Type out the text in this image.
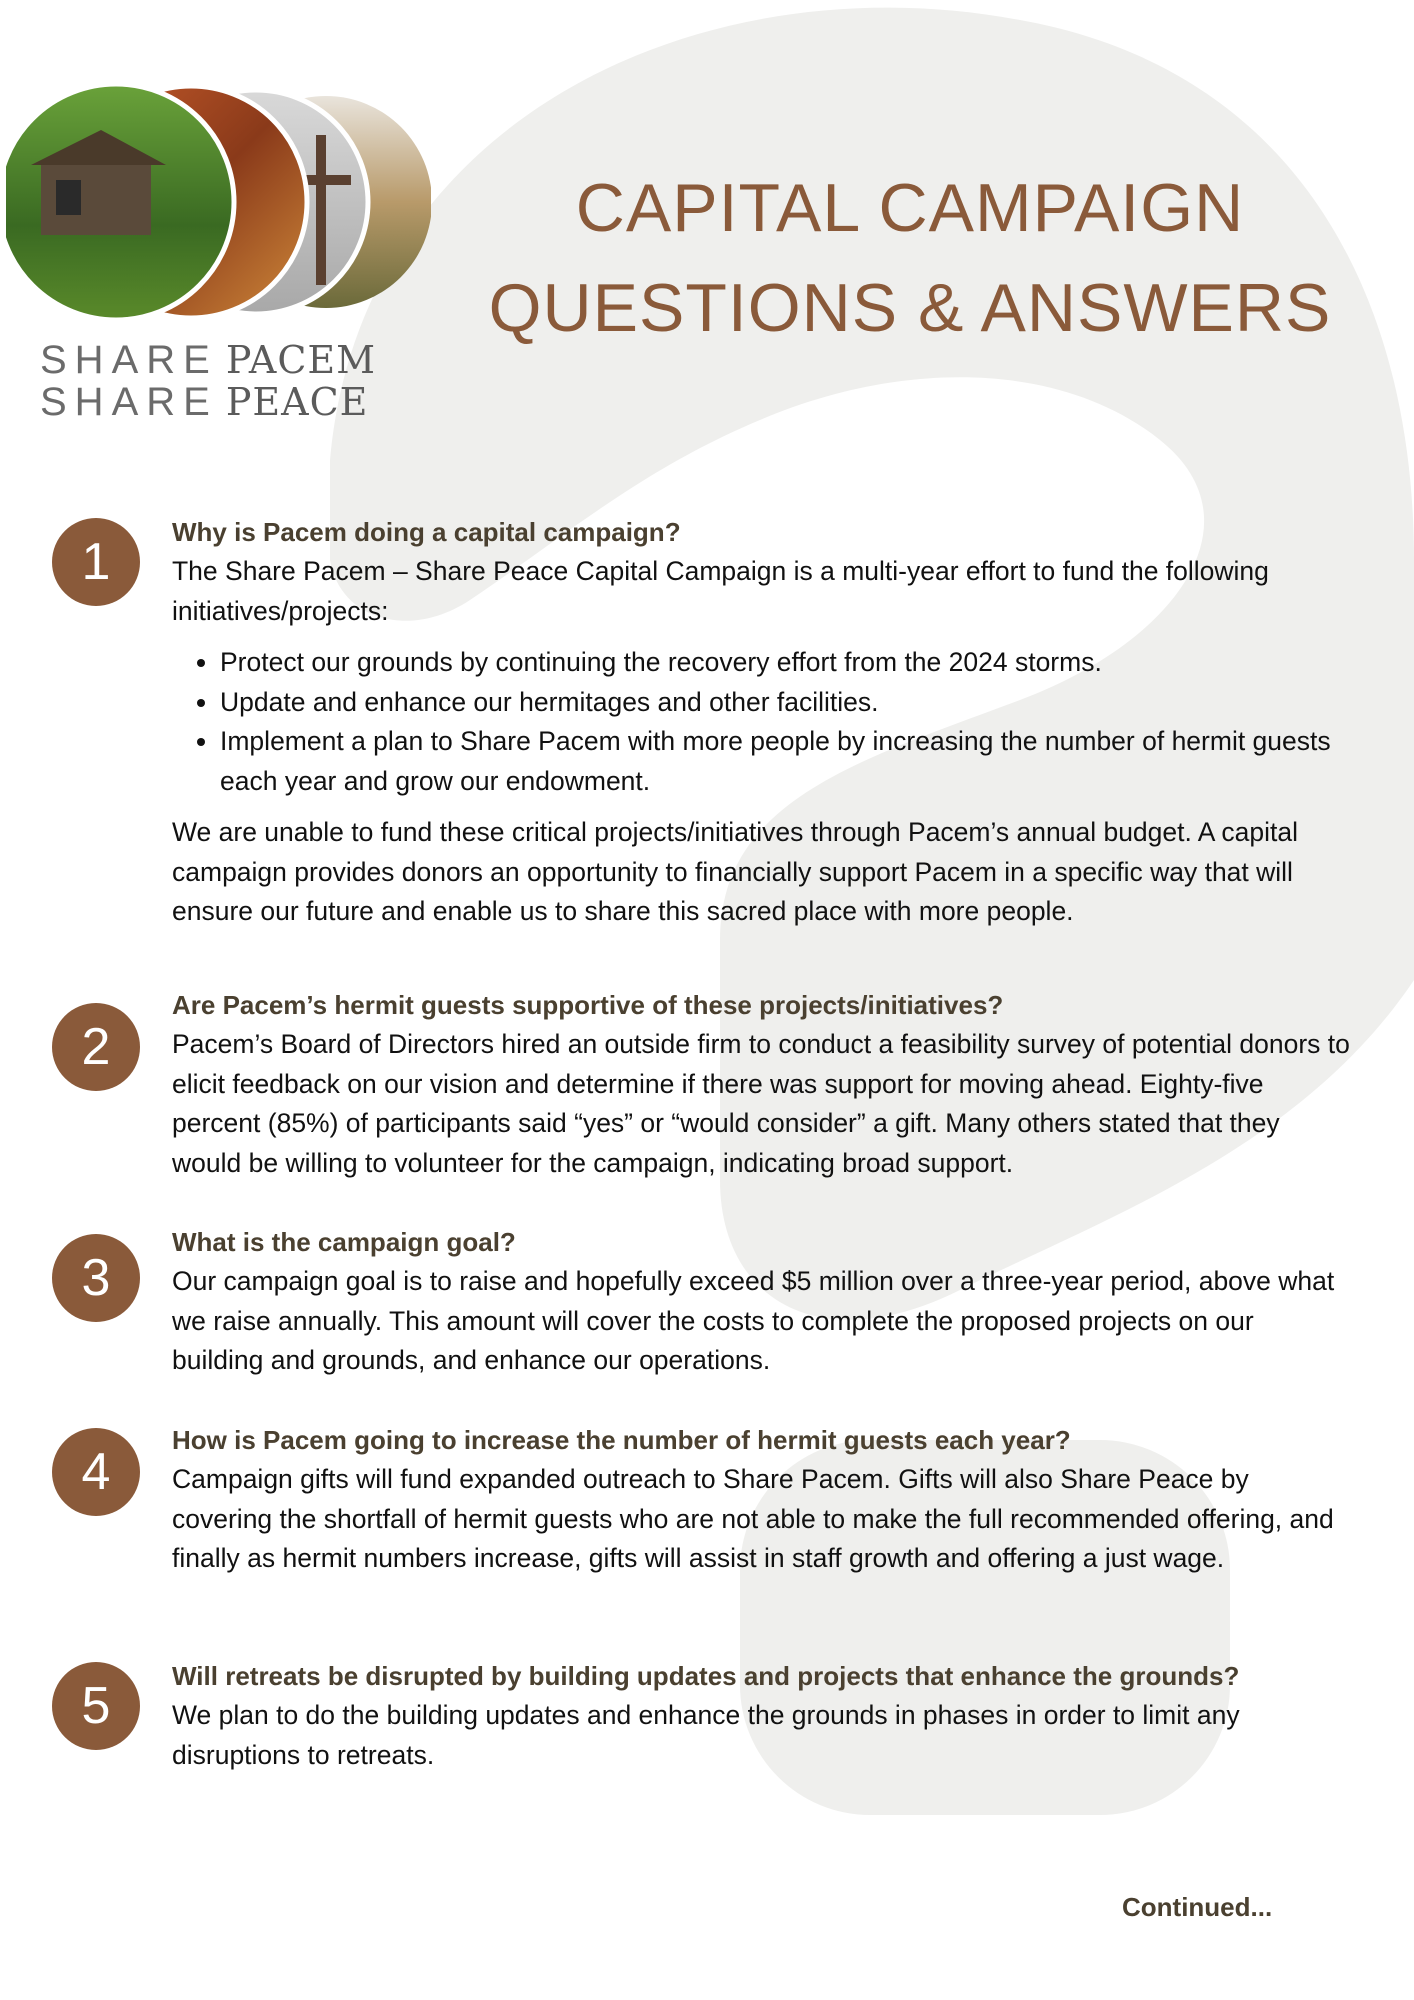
SHARE PACEM
SHARE PEACE
CAPITAL CAMPAIGN
QUESTIONS & ANSWERS
1

Why is Pacem doing a capital campaign?

The Share Pacem – Share Peace Capital Campaign is a multi-year effort to fund the following initiatives/projects:

• Protect our grounds by continuing the recovery effort from the 2024 storms.
• Update and enhance our hermitages and other facilities.
• Implement a plan to Share Pacem with more people by increasing the number of hermit guests each year and grow our endowment.

We are unable to fund these critical projects/initiatives through Pacem’s annual budget. A capital campaign provides donors an opportunity to financially support Pacem in a specific way that will ensure our future and enable us to share this sacred place with more people.

2

Are Pacem’s hermit guests supportive of these projects/initiatives?

Pacem’s Board of Directors hired an outside firm to conduct a feasibility survey of potential donors to elicit feedback on our vision and determine if there was support for moving ahead. Eighty-five percent (85%) of participants said “yes” or “would consider” a gift. Many others stated that they would be willing to volunteer for the campaign, indicating broad support.

3

What is the campaign goal?

Our campaign goal is to raise and hopefully exceed $5 million over a three-year period, above what we raise annually. This amount will cover the costs to complete the proposed projects on our building and grounds, and enhance our operations.

4

How is Pacem going to increase the number of hermit guests each year?

Campaign gifts will fund expanded outreach to Share Pacem. Gifts will also Share Peace by covering the shortfall of hermit guests who are not able to make the full recommended offering, and finally as hermit numbers increase, gifts will assist in staff growth and offering a just wage.

5

Will retreats be disrupted by building updates and projects that enhance the grounds?

We plan to do the building updates and enhance the grounds in phases in order to limit any disruptions to retreats.

Continued...
